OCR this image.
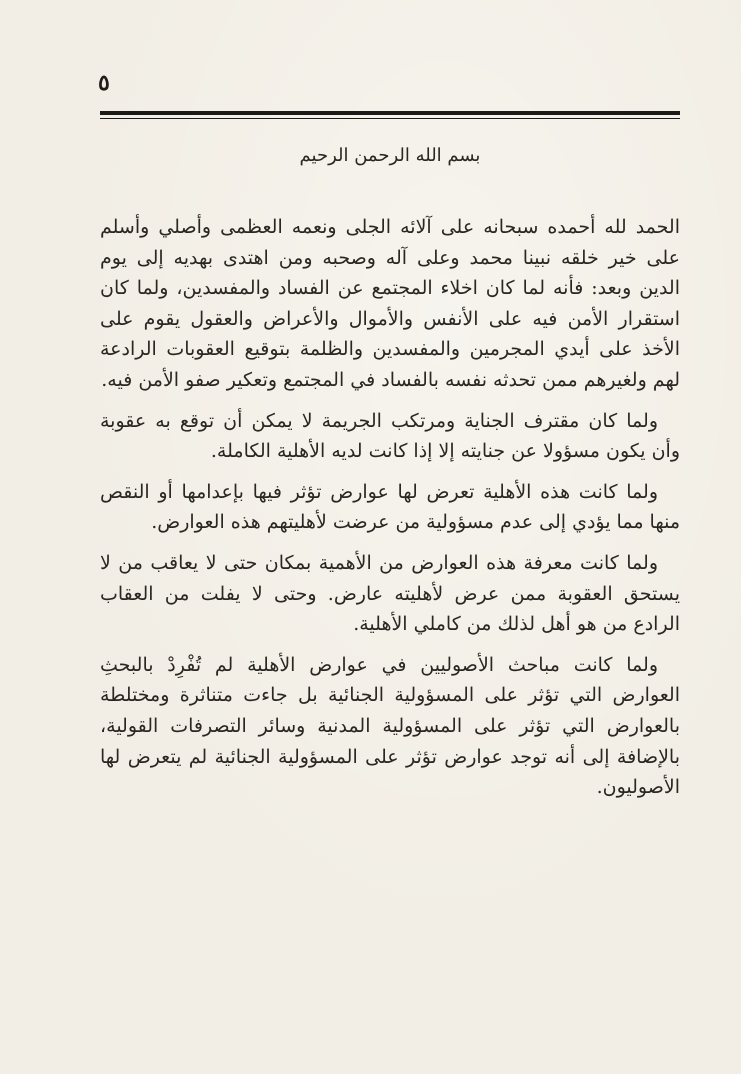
٥
بسم الله الرحمن الرحيم

الحمد لله أحمده سبحانه على آلائه الجلى ونعمه العظمى وأصلي وأسلم على خير خلقه نبينا محمد وعلى آله وصحبه ومن اهتدى بهديه إلى يوم الدين وبعد: فأنه لما كان اخلاء المجتمع عن الفساد والمفسدين، ولما كان استقرار الأمن فيه على الأنفس والأموال والأعراض والعقول يقوم على الأخذ على أيدي المجرمين والمفسدين والظلمة بتوقيع العقوبات الرادعة لهم ولغيرهم ممن تحدثه نفسه بالفساد في المجتمع وتعكير صفو الأمن فيه.

ولما كان مقترف الجناية ومرتكب الجريمة لا يمكن أن توقع به عقوبة وأن يكون مسؤولا عن جنايته إلا إذا كانت لديه الأهلية الكاملة.

ولما كانت هذه الأهلية تعرض لها عوارض تؤثر فيها بإعدامها أو النقص منها مما يؤدي إلى عدم مسؤولية من عرضت لأهليتهم هذه العوارض.

ولما كانت معرفة هذه العوارض من الأهمية بمكان حتى لا يعاقب من لا يستحق العقوبة ممن عرض لأهليته عارض. وحتى لا يفلت من العقاب الرادع من هو أهل لذلك من كاملي الأهلية.

ولما كانت مباحث الأصوليين في عوارض الأهلية لم تُفْرِدْ بالبحثِ العوارض التي تؤثر على المسؤولية الجنائية بل جاءت متناثرة ومختلطة بالعوارض التي تؤثر على المسؤولية المدنية وسائر التصرفات القولية، بالإضافة إلى أنه توجد عوارض تؤثر على المسؤولية الجنائية لم يتعرض لها الأصوليون.
